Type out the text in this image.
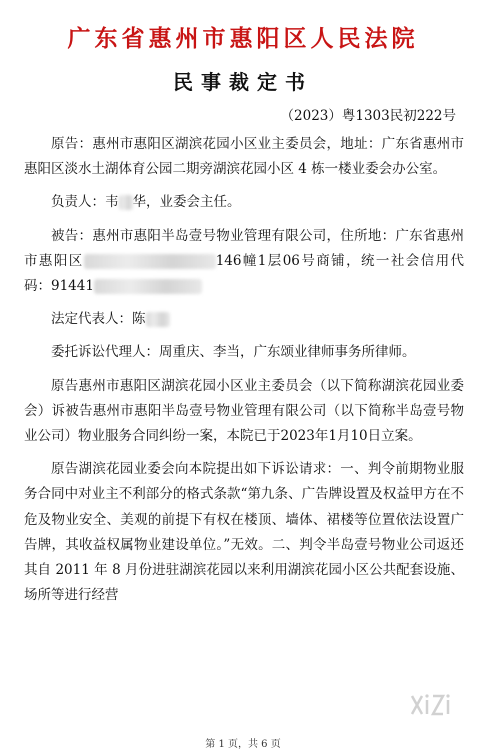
广东省惠州市惠阳区人民法院
民事裁定书
（2023）粤1303民初222号

原告：惠州市惠阳区湖滨花园小区业主委员会，地址：广东省惠州市惠阳区淡水土湖体育公园二期旁湖滨花园小区 4 栋一楼业委会办公室。

负责人：韦 华，业委会主任。

被告：惠州市惠阳半岛壹号物业管理有限公司，住所地：广东省惠州市惠阳区	146幢1层06号商铺，统一社会信用代码：91441

法定代表人：陈

委托诉讼代理人：周重庆、李当，广东颂业律师事务所律师。

原告惠州市惠阳区湖滨花园小区业主委员会（以下简称湖滨花园业委会）诉被告惠州市惠阳半岛壹号物业管理有限公司（以下简称半岛壹号物业公司）物业服务合同纠纷一案，本院已于2023年1月10日立案。

原告湖滨花园业委会向本院提出如下诉讼请求：一、判令前期物业服务合同中对业主不利部分的格式条款“第九条、广告牌设置及权益甲方在不危及物业安全、美观的前提下有权在楼顶、墙体、裙楼等位置依法设置广告牌，其收益权属物业建设单位。”无效。二、判令半岛壹号物业公司返还其自 2011 年 8 月份进驻湖滨花园以来利用湖滨花园小区公共配套设施、场所等进行经营

第 1 页，共 6 页
